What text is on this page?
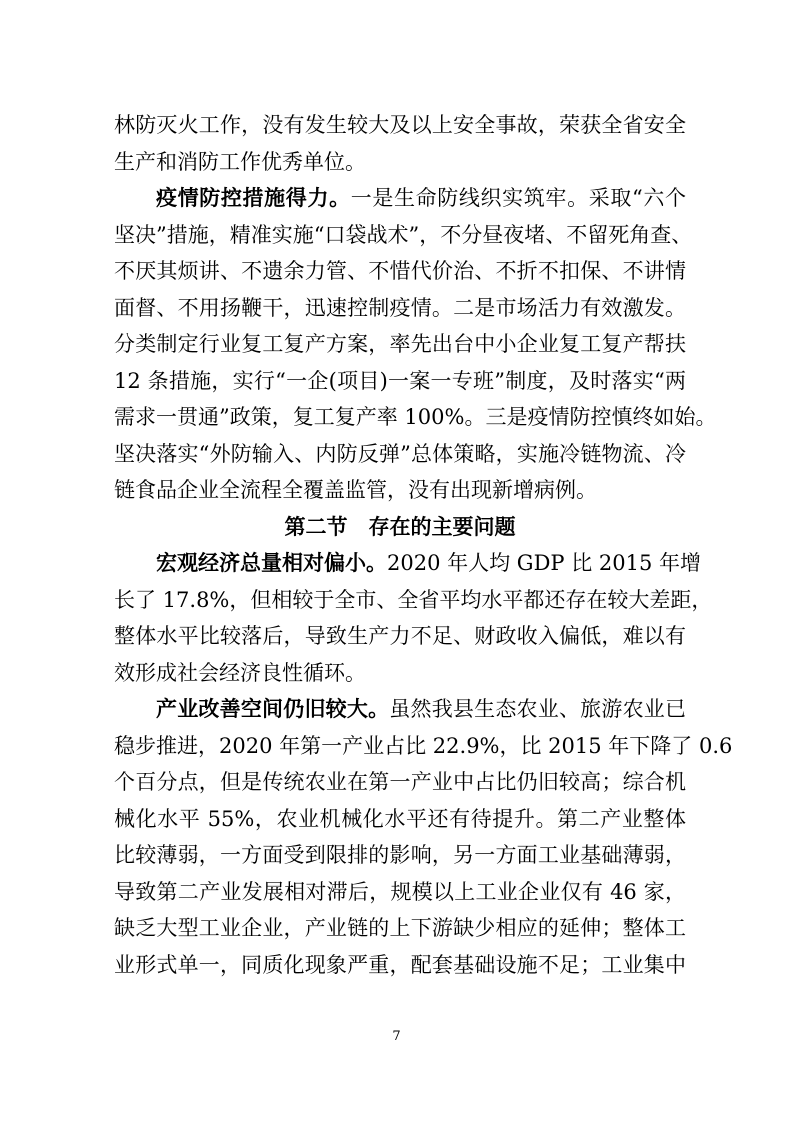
林防灭火工作，没有发生较大及以上安全事故，荣获全省安全
生产和消防工作优秀单位。
疫情防控措施得力。一是生命防线织实筑牢。采取“六个
坚决”措施，精准实施“口袋战术”，不分昼夜堵、不留死角查、
不厌其烦讲、不遗余力管、不惜代价治、不折不扣保、不讲情
面督、不用扬鞭干，迅速控制疫情。二是市场活力有效激发。
分类制定行业复工复产方案，率先出台中小企业复工复产帮扶
12 条措施，实行“一企(项目)一案一专班”制度，及时落实“两
需求一贯通”政策，复工复产率 100%。三是疫情防控慎终如始。
坚决落实“外防输入、内防反弹”总体策略，实施冷链物流、冷
链食品企业全流程全覆盖监管，没有出现新增病例。
第二节　存在的主要问题
宏观经济总量相对偏小。2020 年人均 GDP 比 2015 年增
长了 17.8%，但相较于全市、全省平均水平都还存在较大差距，
整体水平比较落后，导致生产力不足、财政收入偏低，难以有
效形成社会经济良性循环。
产业改善空间仍旧较大。虽然我县生态农业、旅游农业已
稳步推进，2020 年第一产业占比 22.9%，比 2015 年下降了 0.6
个百分点，但是传统农业在第一产业中占比仍旧较高；综合机
械化水平 55%，农业机械化水平还有待提升。第二产业整体
比较薄弱，一方面受到限排的影响，另一方面工业基础薄弱，
导致第二产业发展相对滞后，规模以上工业企业仅有 46 家，
缺乏大型工业企业，产业链的上下游缺少相应的延伸；整体工
业形式单一，同质化现象严重，配套基础设施不足；工业集中
7
